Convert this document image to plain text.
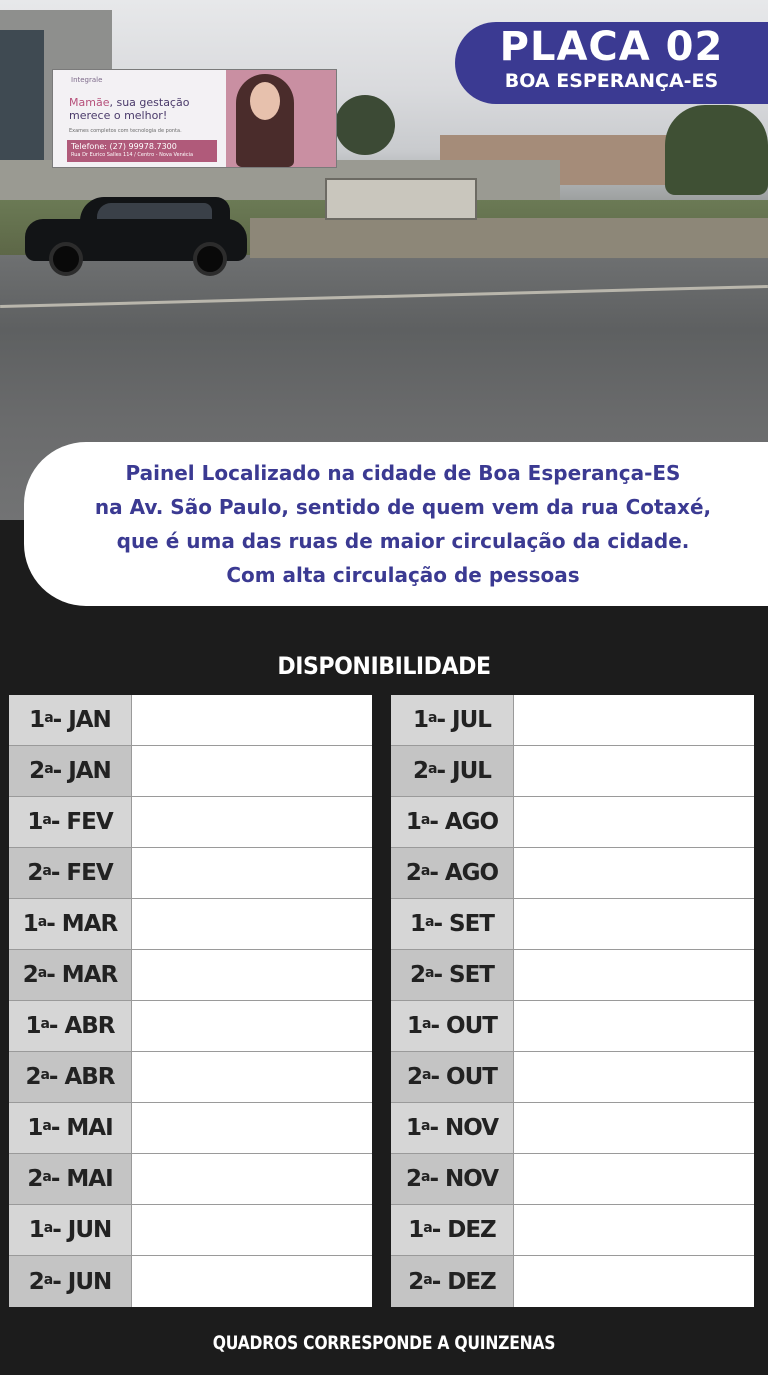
Integrale
Mamãe, sua gestação
merece o melhor!
Exames completos com tecnologia de ponta.
Telefone: (27) 99978.7300
Rua Dr Eurico Salles 114 / Centro - Nova Venécia
PLACA 02
BOA ESPERANÇA-ES
Painel Localizado na cidade de Boa Esperança-ES
na Av. São Paulo, sentido de quem vem da rua Cotaxé,
que é uma das ruas de maior circulação da cidade.
Com alta circulação de pessoas
DISPONIBILIDADE
1$^a$ - JAN
2$^a$ - JAN
1$^a$ - FEV
2$^a$ - FEV
1$^a$ - MAR
2$^a$ - MAR
1$^a$ - ABR
2$^a$ - ABR
1$^a$ - MAI
2$^a$ - MAI
1$^a$ - JUN
2$^a$ - JUN
1$^a$ - JUL
2$^a$ - JUL
1$^a$ - AGO
2$^a$ - AGO
1$^a$ - SET
2$^a$ - SET
1$^a$ - OUT
2$^a$ - OUT
1$^a$ - NOV
2$^a$ - NOV
1$^a$ - DEZ
2$^a$ - DEZ
QUADROS CORRESPONDE A QUINZENAS
